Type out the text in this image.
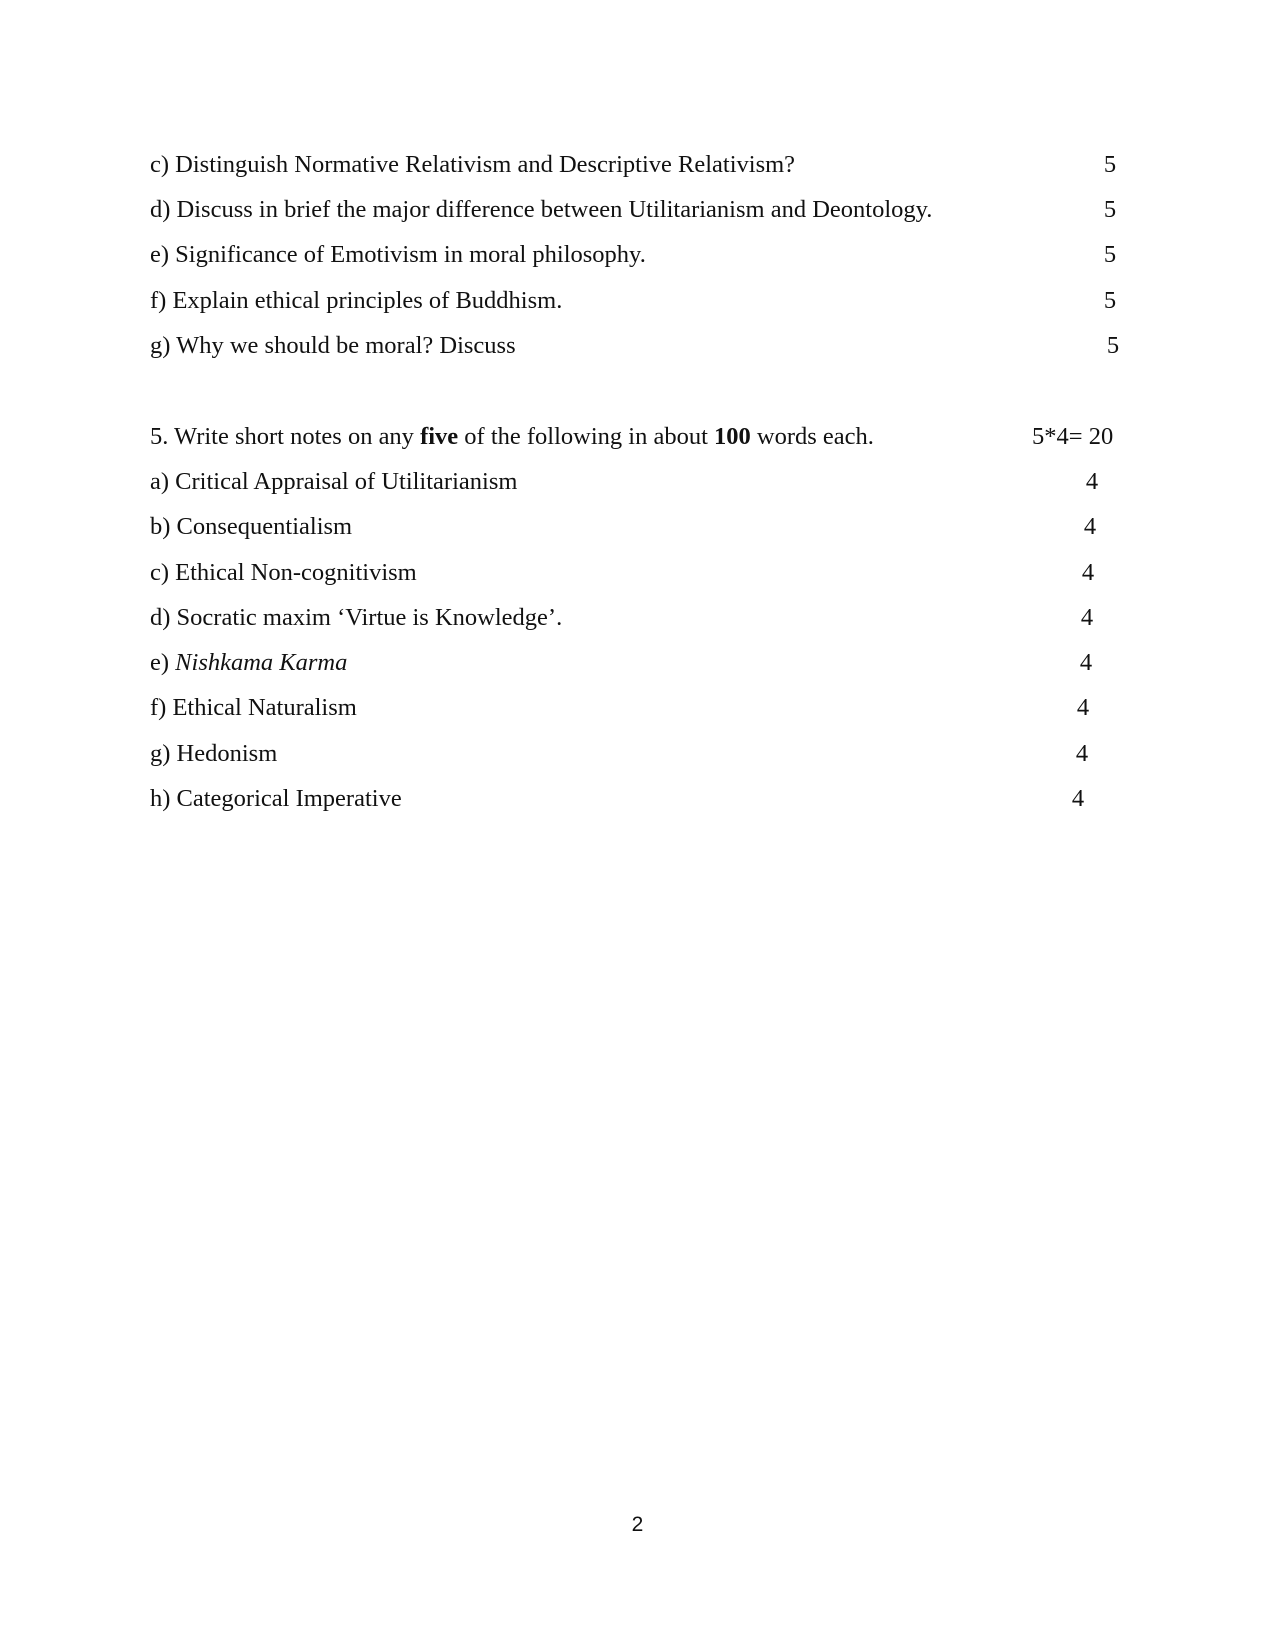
c) Distinguish Normative Relativism and Descriptive Relativism?	5
d) Discuss in brief the major difference between Utilitarianism and Deontology.	5
e) Significance of Emotivism in moral philosophy.	5
f) Explain ethical principles of Buddhism.	5
g) Why we should be moral? Discuss	5
5. Write short notes on any five of the following in about 100 words each.	5*4= 20
a) Critical Appraisal of Utilitarianism	4
b) Consequentialism	4
c) Ethical Non-cognitivism	4
d) Socratic maxim ‘Virtue is Knowledge’.	4
e) Nishkama Karma	4
f) Ethical Naturalism	4
g) Hedonism	4
h) Categorical Imperative	4
2
